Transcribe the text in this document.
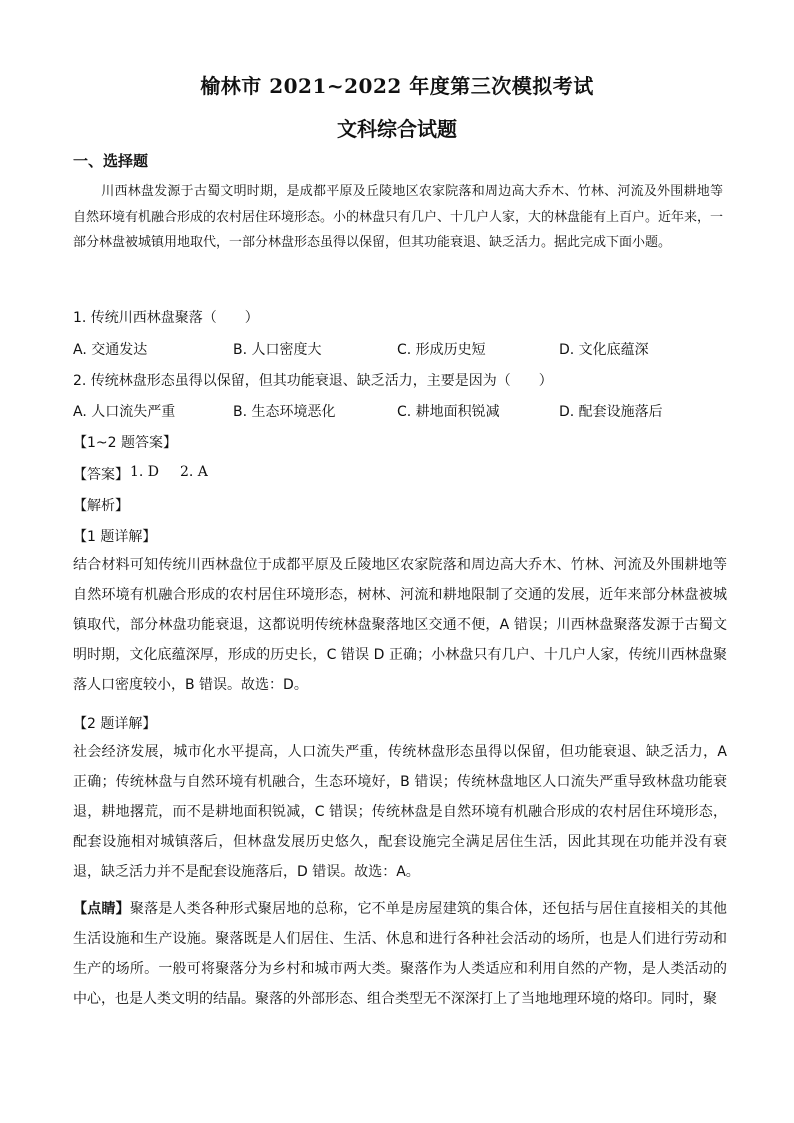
榆林市 2021~2022 年度第三次模拟考试
文科综合试题
一、选择题
川西林盘发源于古蜀文明时期，是成都平原及丘陵地区农家院落和周边高大乔木、竹林、河流及外围耕地等自然环境有机融合形成的农村居住环境形态。小的林盘只有几户、十几户人家，大的林盘能有上百户。近年来，一部分林盘被城镇用地取代，一部分林盘形态虽得以保留，但其功能衰退、缺乏活力。据此完成下面小题。
1. 传统川西林盘聚落（　　）
A. 交通发达	B. 人口密度大	C. 形成历史短	D. 文化底蕴深
2. 传统林盘形态虽得以保留，但其功能衰退、缺乏活力，主要是因为（　　）
A. 人口流失严重	B. 生态环境恶化	C. 耕地面积锐减	D. 配套设施落后
【1~2 题答案】
【答案】 1. D 2. A
【解析】
【1 题详解】
结合材料可知传统川西林盘位于成都平原及丘陵地区农家院落和周边高大乔木、竹林、河流及外围耕地等自然环境有机融合形成的农村居住环境形态，树林、河流和耕地限制了交通的发展，近年来部分林盘被城镇取代，部分林盘功能衰退，这都说明传统林盘聚落地区交通不便，A 错误；川西林盘聚落发源于古蜀文明时期，文化底蕴深厚，形成的历史长，C 错误 D 正确；小林盘只有几户、十几户人家，传统川西林盘聚落人口密度较小，B 错误。故选：D。
【2 题详解】
社会经济发展，城市化水平提高，人口流失严重，传统林盘形态虽得以保留，但功能衰退、缺乏活力，A 正确；传统林盘与自然环境有机融合，生态环境好，B 错误；传统林盘地区人口流失严重导致林盘功能衰退，耕地撂荒，而不是耕地面积锐减，C 错误；传统林盘是自然环境有机融合形成的农村居住环境形态，配套设施相对城镇落后，但林盘发展历史悠久，配套设施完全满足居住生活，因此其现在功能并没有衰退，缺乏活力并不是配套设施落后，D 错误。故选：A。
【点睛】聚落是人类各种形式聚居地的总称，它不单是房屋建筑的集合体，还包括与居住直接相关的其他生活设施和生产设施。聚落既是人们居住、生活、休息和进行各种社会活动的场所，也是人们进行劳动和生产的场所。一般可将聚落分为乡村和城市两大类。聚落作为人类适应和利用自然的产物，是人类活动的中心，也是人类文明的结晶。聚落的外部形态、组合类型无不深深打上了当地地理环境的烙印。同时，聚
